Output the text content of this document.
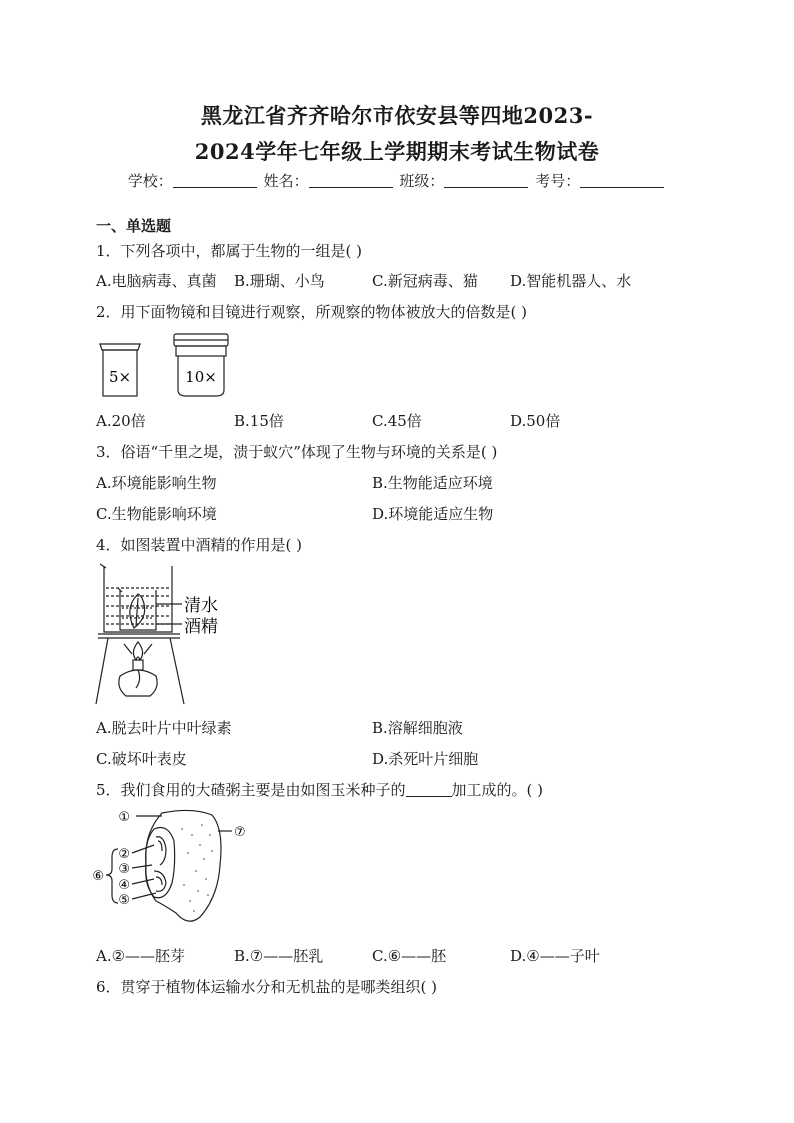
黑龙江省齐齐哈尔市依安县等四地2023-
2024学年七年级上学期期末考试生物试卷
学校：	姓名：	班级：	考号：
一、单选题
1．下列各项中，都属于生物的一组是( )
A.电脑病毒、真菌 B.珊瑚、小鸟	C.新冠病毒、猫 D.智能机器人、水
2．用下面物镜和目镜进行观察，所观察的物体被放大的倍数是( )
5×	10×
A.20倍	B.15倍	C.45倍	D.50倍
3．俗语“千里之堤，溃于蚁穴”体现了生物与环境的关系是( )
A.环境能影响生物	B.生物能适应环境
C.生物能影响环境	D.环境能适应生物
4．如图装置中酒精的作用是( )
清水
酒精
A.脱去叶片中叶绿素	B.溶解细胞液
C.破坏叶表皮	D.杀死叶片细胞
5．我们食用的大碴粥主要是由如图玉米种子的	加工成的。( )
①
②
③
④
⑤
⑥
⑦
A.②——胚芽	B.⑦——胚乳	C.⑥——胚	D.④——子叶
6．贯穿于植物体运输水分和无机盐的是哪类组织( )
